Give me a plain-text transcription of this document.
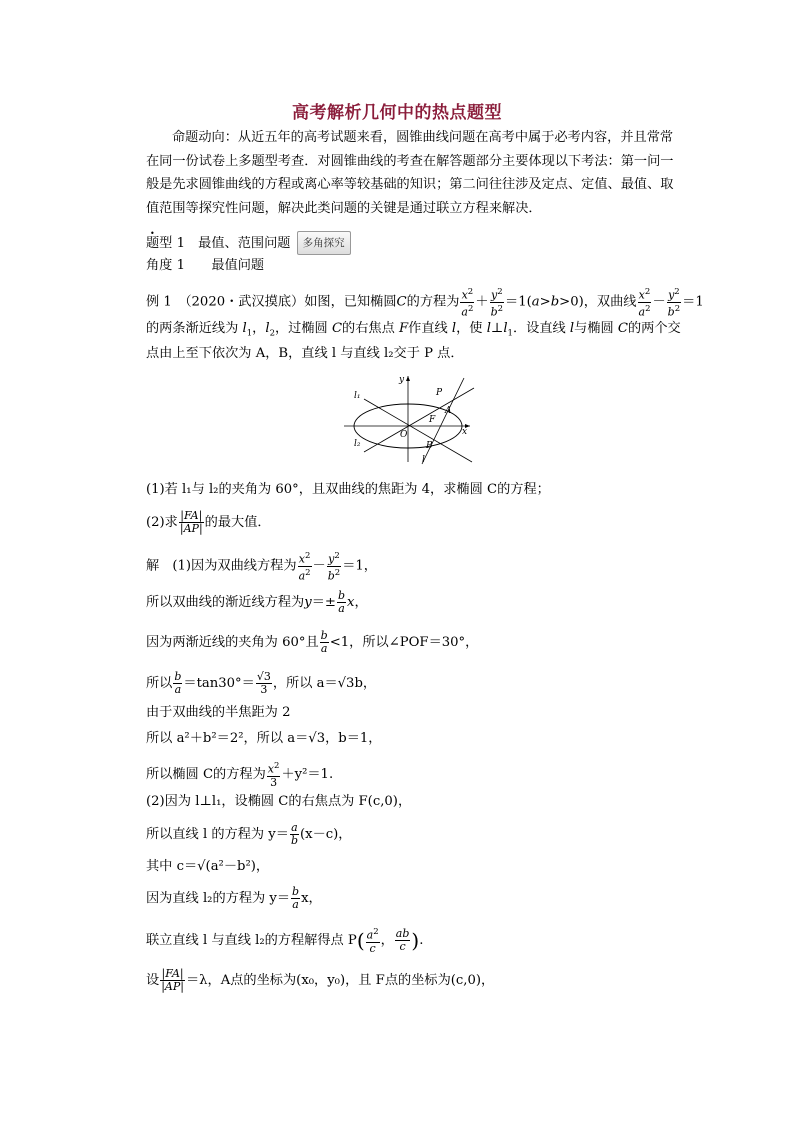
高考解析几何中的热点题型
命题动向：从近五年的高考试题来看，圆锥曲线问题在高考中属于必考内容，并且常常在同一份试卷上多题型考查．对圆锥曲线的考查在解答题部分主要体现以下考法：第一问一般是先求圆锥曲线的方程或离心率等较基础的知识；第二问往往涉及定点、定值、最值、取值范围等探究性问题，解决此类问题的关键是通过联立方程来解决．
• 题型 1　最值、范围问题 多角探究
角度 1　　最值问题
例 1　（2020・武汉摸底）如图，已知椭圆C的方程为 $\frac{x^2}{a^2} + \frac{y^2}{b^2} =1(a>b>0)$，双曲线 $\frac{x^2}{a^2} - \frac{y^2}{b^2} =1$
的两条渐近线为 $l_1$，$l_2$，过椭圆 C的右焦点 F作直线 l，使 $l\perp l_1$．设直线 l与椭圆 C的两个交
点由上至下依次为 A，B，直线 l 与直线 l₂交于 P 点．
y
x
O
P
F
A
B
l
l₁
l₂
(1)若 l₁与 l₂的夹角为 60°，且双曲线的焦距为 4，求椭圆 C的方程；
(2)求 $\frac{|FA|}{|AP|}$ 的最大值．
解　(1)因为双曲线方程为 $\frac{x^2}{a^2} - \frac{y^2}{b^2} =1$，
所以双曲线的渐近线方程为$y=\pm \frac{b}{a}$ x，
因为两渐近线的夹角为 60°且 $\frac{b}{a} <1$，所以∠POF＝30°，
所以 $\frac{b}{a} =\tan 30^\circ= \frac{√3}{3}$ ，所以 a＝√3b，
由于双曲线的半焦距为 2
所以 a²＋b²＝2²，所以 a＝√3，b＝1，
所以椭圆 C的方程为 $\frac{x^2}{3} +y^2=1$.
(2)因为 l⊥l₁，设椭圆 C的右焦点为 F(c,0)，
所以直线 l 的方程为 $y= \frac{a}{b} (x-c)$，
其中 c＝√(a²－b²)，
因为直线 l₂的方程为 $y= \frac{b}{a}$ x，
联立直线 l 与直线 l₂的方程解得点 $P( \frac{a^2}{c}$ ， $\frac{ab}{c}$ ).
设 $\frac{|FA|}{|AP|} =\lambda$，A点的坐标为(x₀，y₀)，且 F点的坐标为(c,0)，
